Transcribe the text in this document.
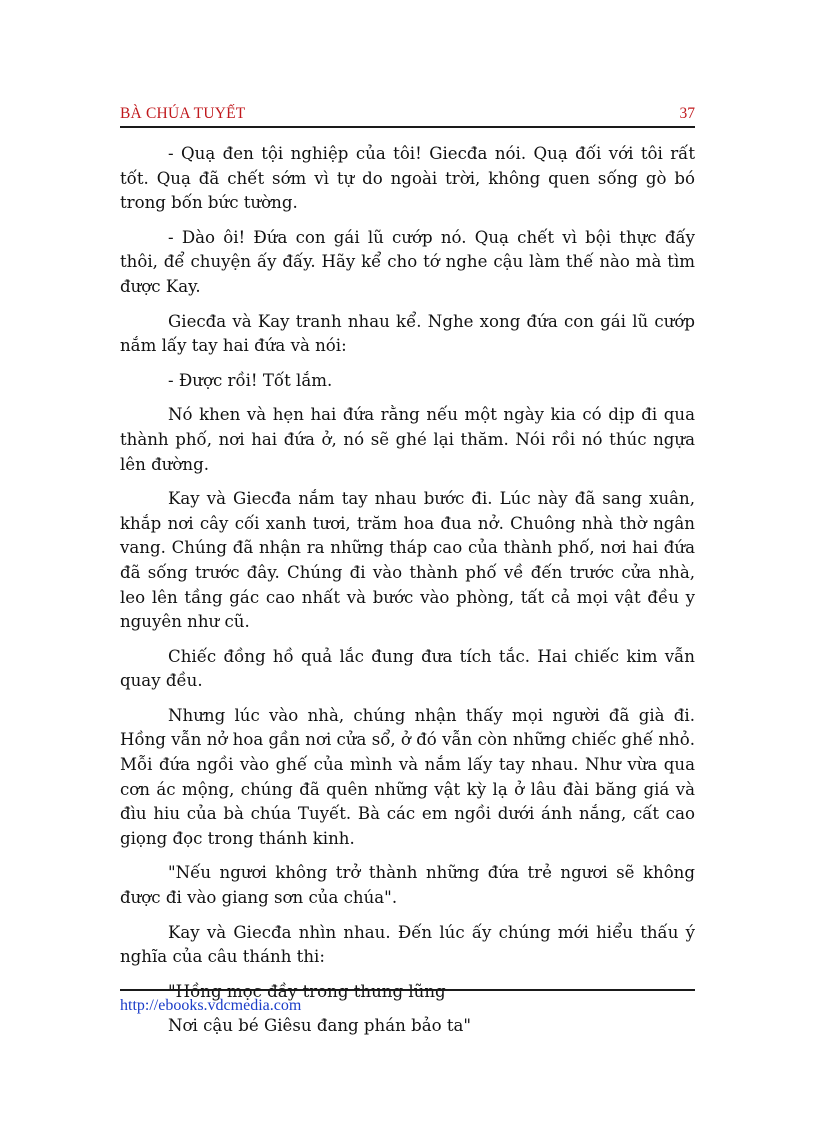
BÀ CHÚA TUYẾT	37

- Quạ đen tội nghiệp của tôi! Giecđa nói. Quạ đối với tôi rất tốt. Quạ đã chết sớm vì tự do ngoài trời, không quen sống gò bó trong bốn bức tường.

- Dào ôi! Đứa con gái lũ cướp nó. Quạ chết vì bội thực đấy thôi, để chuyện ấy đấy. Hãy kể cho tớ nghe cậu làm thế nào mà tìm được Kay.

Giecđa và Kay tranh nhau kể. Nghe xong đứa con gái lũ cướp nắm lấy tay hai đứa và nói:

- Được rồi! Tốt lắm.

Nó khen và hẹn hai đứa rằng nếu một ngày kia có dịp đi qua thành phố, nơi hai đứa ở, nó sẽ ghé lại thăm. Nói rồi nó thúc ngựa lên đường.

Kay và Giecđa nắm tay nhau bước đi. Lúc này đã sang xuân, khắp nơi cây cối xanh tươi, trăm hoa đua nở. Chuông nhà thờ ngân vang. Chúng đã nhận ra những tháp cao của thành phố, nơi hai đứa đã sống trước đây. Chúng đi vào thành phố về đến trước cửa nhà, leo lên tầng gác cao nhất và bước vào phòng, tất cả mọi vật đều y nguyên như cũ.

Chiếc đồng hồ quả lắc đung đưa tích tắc. Hai chiếc kim vẫn quay đều.

Nhưng lúc vào nhà, chúng nhận thấy mọi người đã già đi. Hồng vẫn nở hoa gần nơi cửa sổ, ở đó vẫn còn những chiếc ghế nhỏ. Mỗi đứa ngồi vào ghế của mình và nắm lấy tay nhau. Như vừa qua cơn ác mộng, chúng đã quên những vật kỳ lạ ở lâu đài băng giá và đìu hiu của bà chúa Tuyết. Bà các em ngồi dưới ánh nắng, cất cao giọng đọc trong thánh kinh.

"Nếu ngươi không trở thành những đứa trẻ ngươi sẽ không được đi vào giang sơn của chúa".

Kay và Giecđa nhìn nhau. Đến lúc ấy chúng mới hiểu thấu ý nghĩa của câu thánh thi:

"Hồng mọc đầy trong thung lũng

Nơi cậu bé Giêsu đang phán bảo ta"

http://ebooks.vdcmedia.com
